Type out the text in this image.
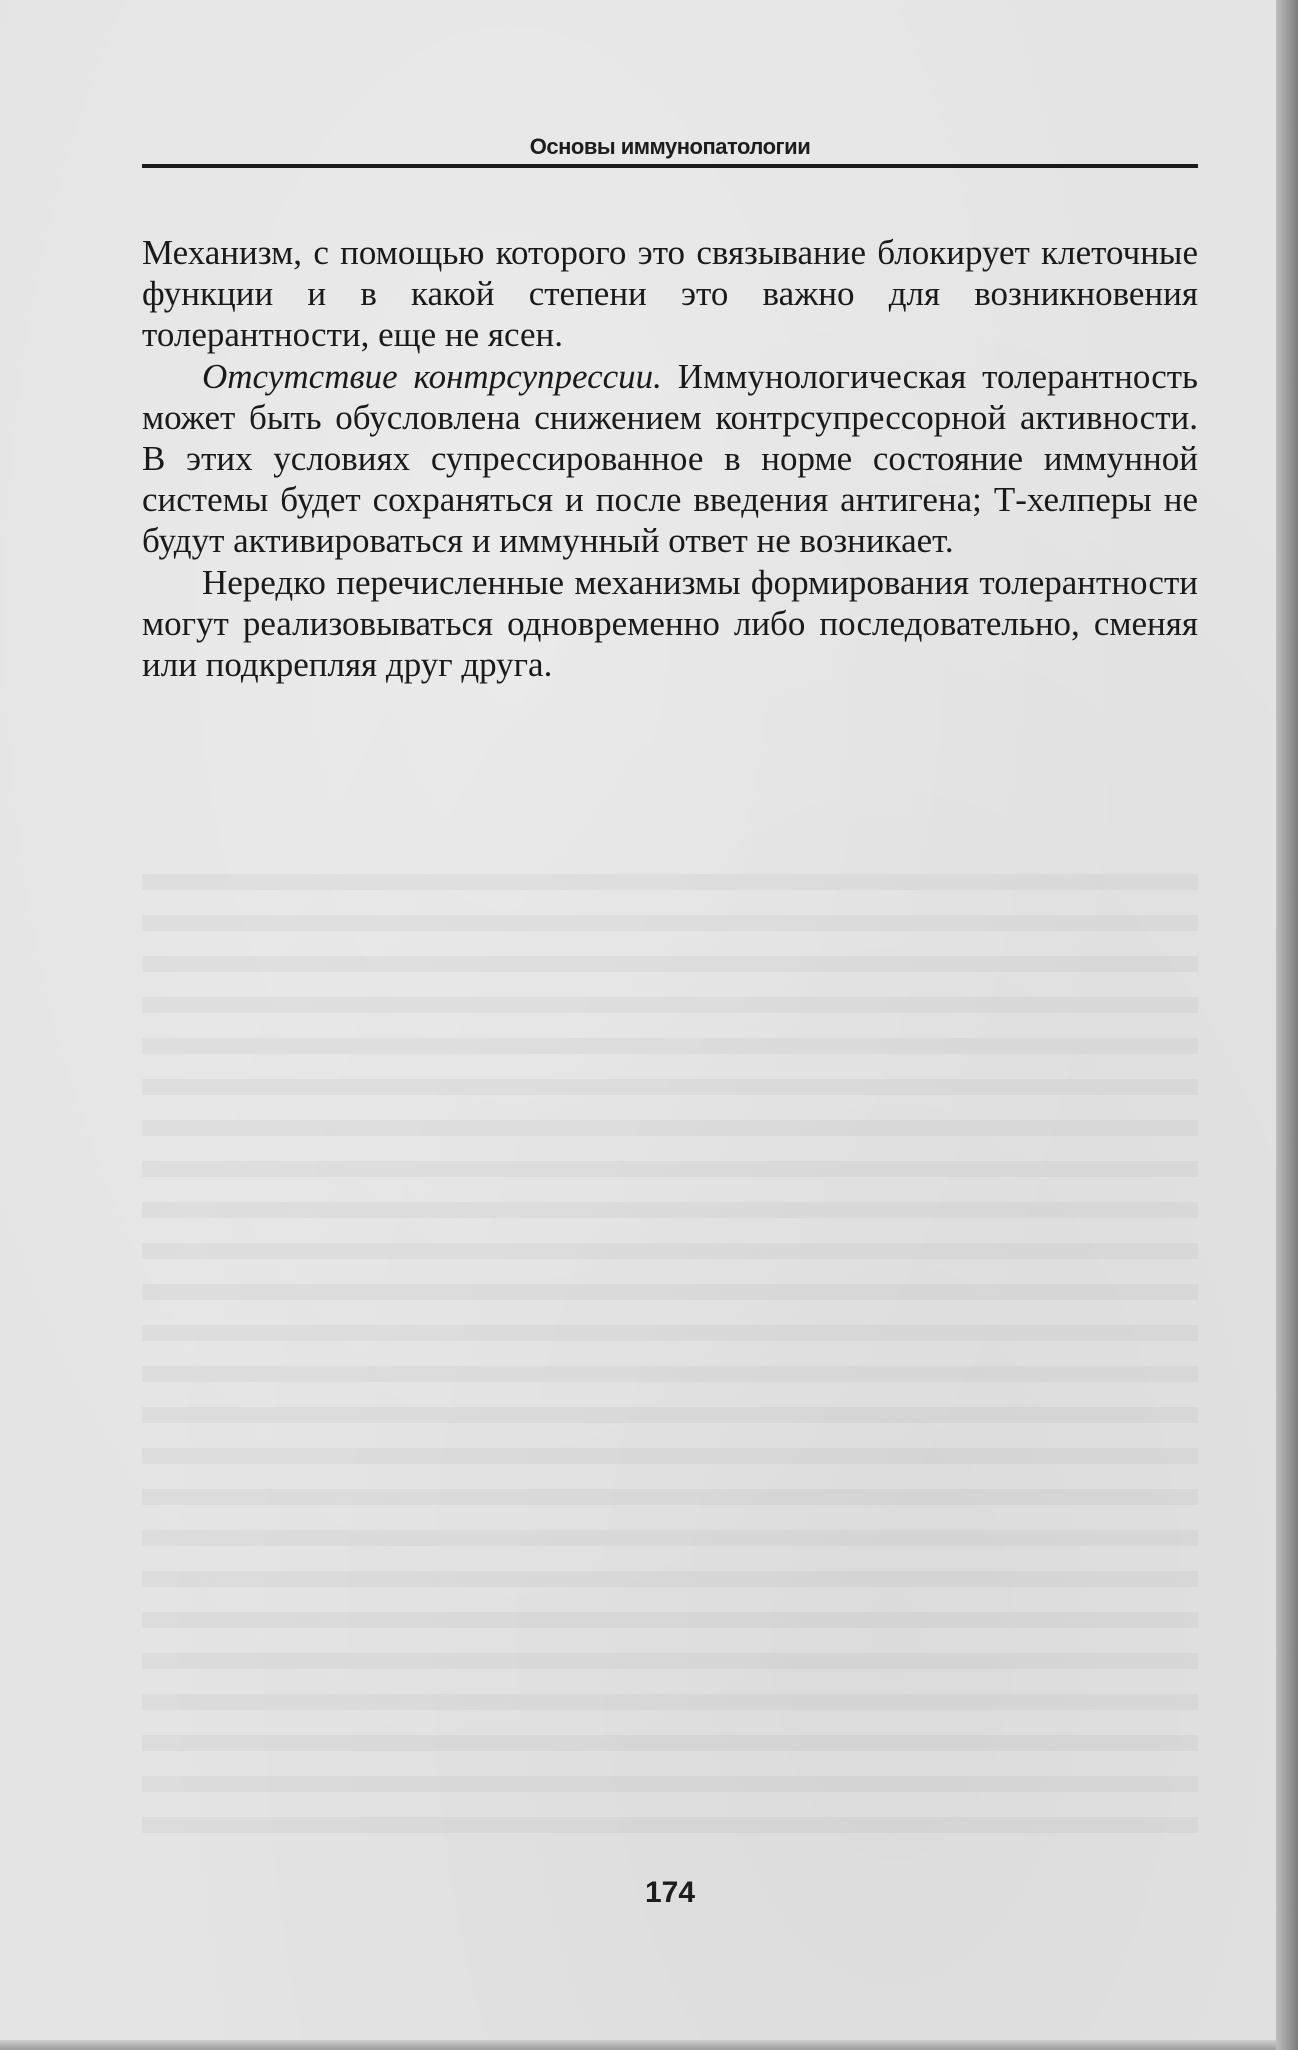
Основы иммунопатологии

Механизм, с помощью которого это связывание блокирует клеточные функции и в какой степени это важно для возникновения толерантности, еще не ясен.

Отсутствие контрсупрессии. Иммунологическая толерантность может быть обусловлена снижением контрсупрессорной активности. В этих условиях супрессированное в норме состояние иммунной системы будет сохраняться и после введения антигена; Т-хелперы не будут активироваться и иммунный ответ не возникает.

Нередко перечисленные механизмы формирования толерантности могут реализовываться одновременно либо последовательно, сменяя или подкрепляя друг друга.

174
